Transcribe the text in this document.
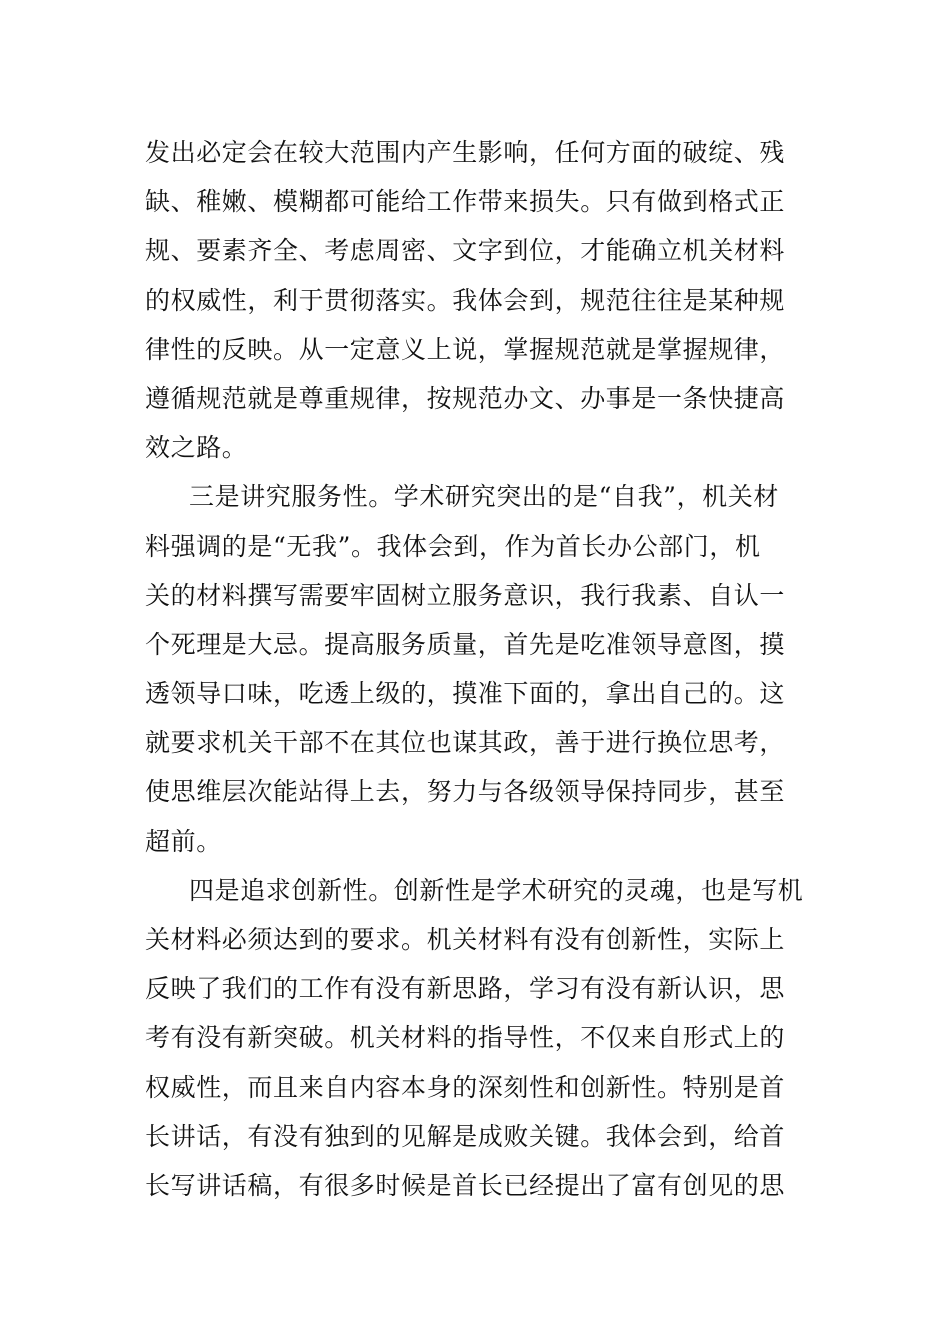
发出必定会在较大范围内产生影响，任何方面的破绽、残
缺、稚嫩、模糊都可能给工作带来损失。只有做到格式正
规、要素齐全、考虑周密、文字到位，才能确立机关材料
的权威性，利于贯彻落实。我体会到，规范往往是某种规
律性的反映。从一定意义上说，掌握规范就是掌握规律，
遵循规范就是尊重规律，按规范办文、办事是一条快捷高
效之路。
三是讲究服务性。学术研究突出的是“自我”，机关材
料强调的是“无我”。我体会到，作为首长办公部门，机
关的材料撰写需要牢固树立服务意识，我行我素、自认一
个死理是大忌。提高服务质量，首先是吃准领导意图，摸
透领导口味，吃透上级的，摸准下面的，拿出自己的。这
就要求机关干部不在其位也谋其政，善于进行换位思考，
使思维层次能站得上去，努力与各级领导保持同步，甚至
超前。
四是追求创新性。创新性是学术研究的灵魂，也是写机
关材料必须达到的要求。机关材料有没有创新性，实际上
反映了我们的工作有没有新思路，学习有没有新认识，思
考有没有新突破。机关材料的指导性，不仅来自形式上的
权威性，而且来自内容本身的深刻性和创新性。特别是首
长讲话，有没有独到的见解是成败关键。我体会到，给首
长写讲话稿，有很多时候是首长已经提出了富有创见的思
